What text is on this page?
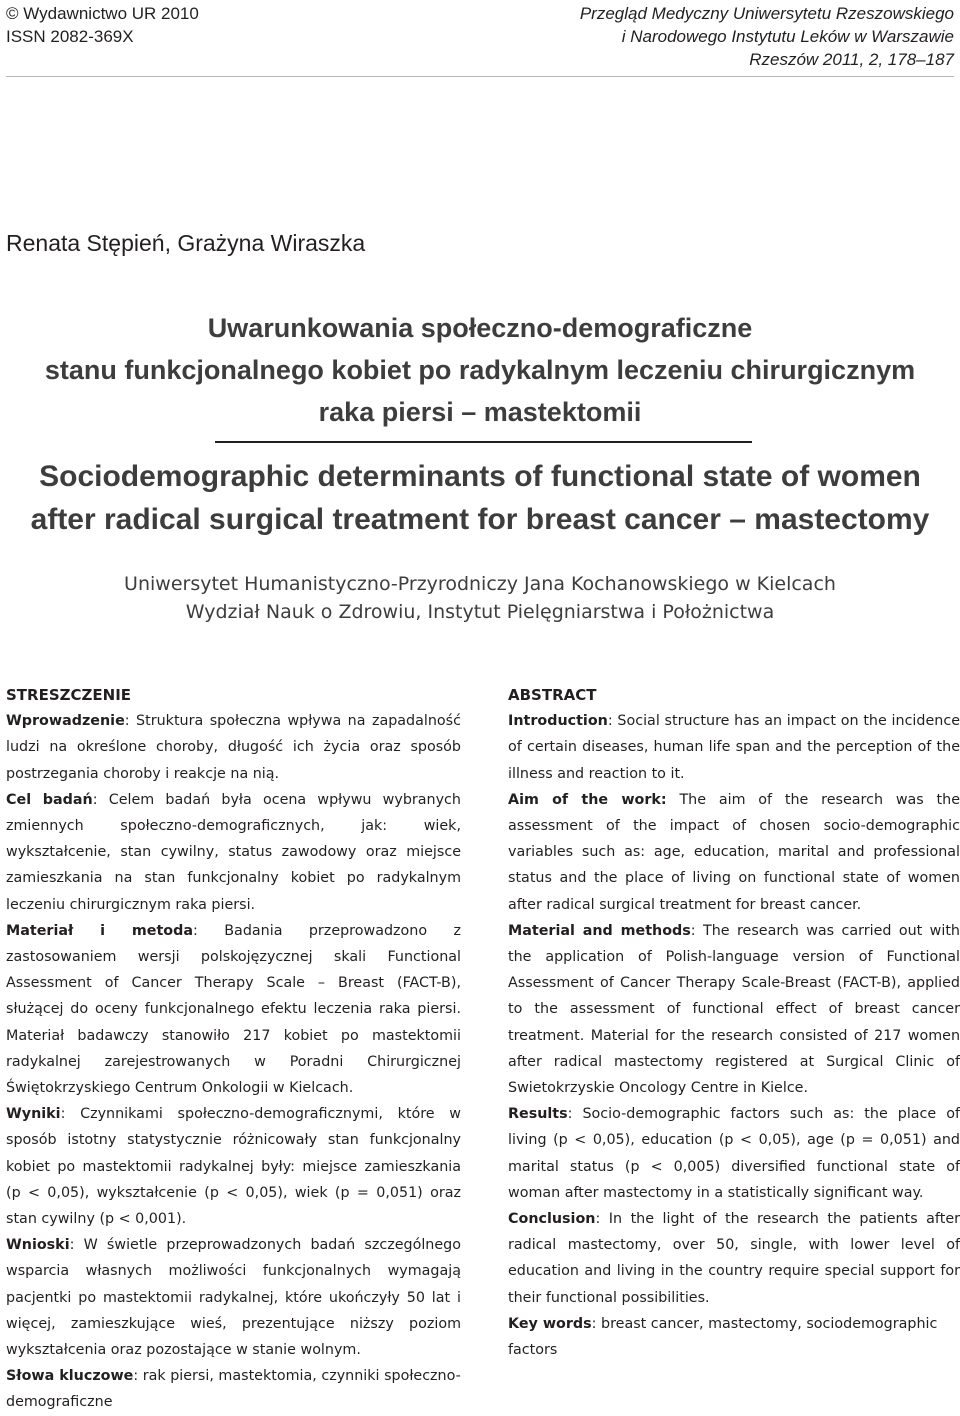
© Wydawnictwo UR 2010
ISSN 2082-369X
Przegląd Medyczny Uniwersytetu Rzeszowskiego
i Narodowego Instytutu Leków w Warszawie
Rzeszów 2011, 2, 178–187
Renata Stępień, Grażyna Wiraszka
Uwarunkowania społeczno-demograficzne
stanu funkcjonalnego kobiet po radykalnym leczeniu chirurgicznym
raka piersi – mastektomii
Sociodemographic determinants of functional state of women
after radical surgical treatment for breast cancer – mastectomy
Uniwersytet Humanistyczno-Przyrodniczy Jana Kochanowskiego w Kielcach
Wydział Nauk o Zdrowiu, Instytut Pielęgniarstwa i Położnictwa
STRESZCZENIE

Wprowadzenie: Struktura społeczna wpływa na zapadalność ludzi na określone choroby, długość ich życia oraz sposób postrzegania choroby i reakcje na nią.

Cel badań: Celem badań była ocena wpływu wybranych zmiennych społeczno-demograficznych, jak: wiek, wykształcenie, stan cywilny, status zawodowy oraz miejsce zamieszkania na stan funkcjonalny kobiet po radykalnym leczeniu chirurgicznym raka piersi.

Materiał i metoda: Badania przeprowadzono z zastosowaniem wersji polskojęzycznej skali Functional Assessment of Cancer Therapy Scale – Breast (FACT-B), służącej do oceny funkcjonalnego efektu leczenia raka piersi. Materiał badawczy stanowiło 217 kobiet po mastektomii radykalnej zarejestrowanych w Poradni Chirurgicznej Świętokrzyskiego Centrum Onkologii w Kielcach.

Wyniki: Czynnikami społeczno-demograficznymi, które w sposób istotny statystycznie różnicowały stan funkcjonalny kobiet po mastektomii radykalnej były: miejsce zamieszkania (p < 0,05), wykształcenie (p < 0,05), wiek (p = 0,051) oraz stan cywilny (p < 0,001).

Wnioski: W świetle przeprowadzonych badań szczególnego wsparcia własnych możliwości funkcjonalnych wymagają pacjentki po mastektomii radykalnej, które ukończyły 50 lat i więcej, zamieszkujące wieś, prezentujące niższy poziom wykształcenia oraz pozostające w stanie wolnym.

Słowa kluczowe: rak piersi, mastektomia, czynniki społeczno-demograficzne

ABSTRACT

Introduction: Social structure has an impact on the incidence of certain diseases, human life span and the perception of the illness and reaction to it.

Aim of the work: The aim of the research was the assessment of the impact of chosen socio-demographic variables such as: age, education, marital and professional status and the place of living on functional state of women after radical surgical treatment for breast cancer.

Material and methods: The research was carried out with the application of Polish-language version of Functional Assessment of Cancer Therapy Scale-Breast (FACT-B), applied to the assessment of functional effect of breast cancer treatment. Material for the research consisted of 217 women after radical mastectomy registered at Surgical Clinic of Swietokrzyskie Oncology Centre in Kielce.

Results: Socio-demographic factors such as: the place of living (p < 0,05), education (p < 0,05), age (p = 0,051) and marital status (p < 0,005) diversified functional state of woman after mastectomy in a statistically significant way.

Conclusion: In the light of the research the patients after radical mastectomy, over 50, single, with lower level of education and living in the country require special support for their functional possibilities.

Key words: breast cancer, mastectomy, sociodemographic factors
